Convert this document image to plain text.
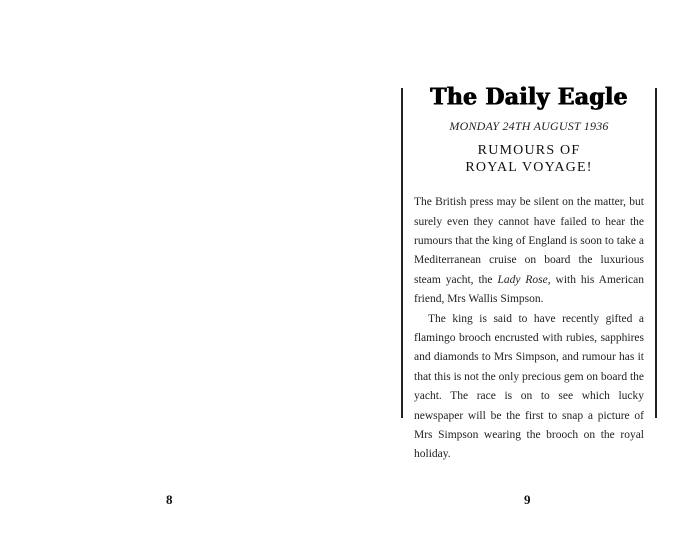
8
The Daily Eagle
MONDAY 24TH AUGUST 1936
RUMOURS OF
ROYAL VOYAGE!

The British press may be silent on the matter, but surely even they cannot have failed to hear the rumours that the king of England is soon to take a Mediterranean cruise on board the luxurious steam yacht, the Lady Rose, with his American friend, Mrs Wallis Simpson.

The king is said to have recently gifted a flamingo brooch encrusted with rubies, sapphires and diamonds to Mrs Simpson, and rumour has it that this is not the only precious gem on board the yacht. The race is on to see which lucky newspaper will be the first to snap a picture of Mrs Simpson wearing the brooch on the royal holiday.

9
